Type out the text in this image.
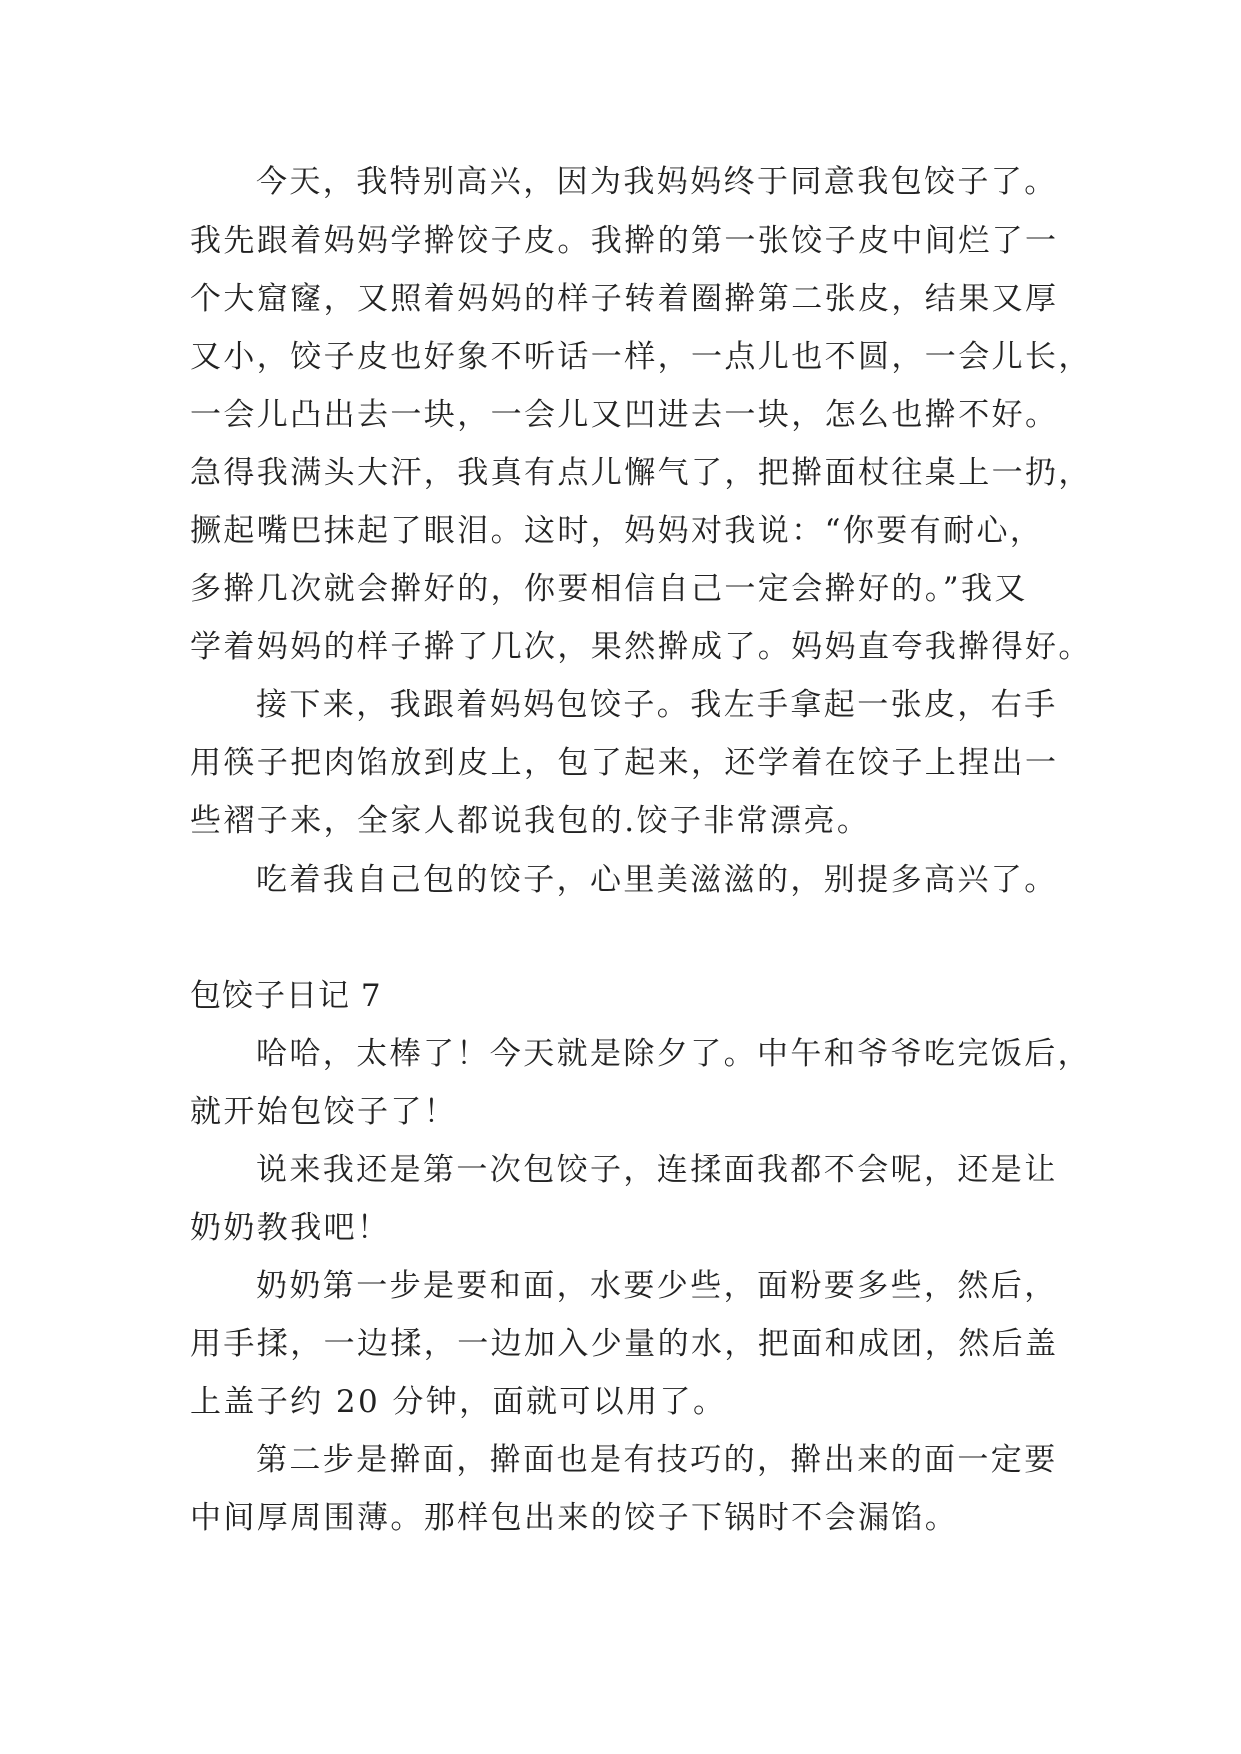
今天，我特别高兴，因为我妈妈终于同意我包饺子了。
我先跟着妈妈学擀饺子皮。我擀的第一张饺子皮中间烂了一
个大窟窿，又照着妈妈的样子转着圈擀第二张皮，结果又厚
又小，饺子皮也好象不听话一样，一点儿也不圆，一会儿长，
一会儿凸出去一块，一会儿又凹进去一块，怎么也擀不好。
急得我满头大汗，我真有点儿懈气了，把擀面杖往桌上一扔，
撅起嘴巴抹起了眼泪。这时，妈妈对我说：“你要有耐心，
多擀几次就会擀好的，你要相信自己一定会擀好的。”我又
学着妈妈的样子擀了几次，果然擀成了。妈妈直夸我擀得好。
接下来，我跟着妈妈包饺子。我左手拿起一张皮，右手
用筷子把肉馅放到皮上，包了起来，还学着在饺子上捏出一
些褶子来，全家人都说我包的.饺子非常漂亮。
吃着我自己包的饺子，心里美滋滋的，别提多高兴了。
包饺子日记 7
哈哈，太棒了！今天就是除夕了。中午和爷爷吃完饭后，
就开始包饺子了！
说来我还是第一次包饺子，连揉面我都不会呢，还是让
奶奶教我吧！
奶奶第一步是要和面，水要少些，面粉要多些，然后，
用手揉，一边揉，一边加入少量的水，把面和成团，然后盖
上盖子约 20 分钟，面就可以用了。
第二步是擀面，擀面也是有技巧的，擀出来的面一定要
中间厚周围薄。那样包出来的饺子下锅时不会漏馅。
